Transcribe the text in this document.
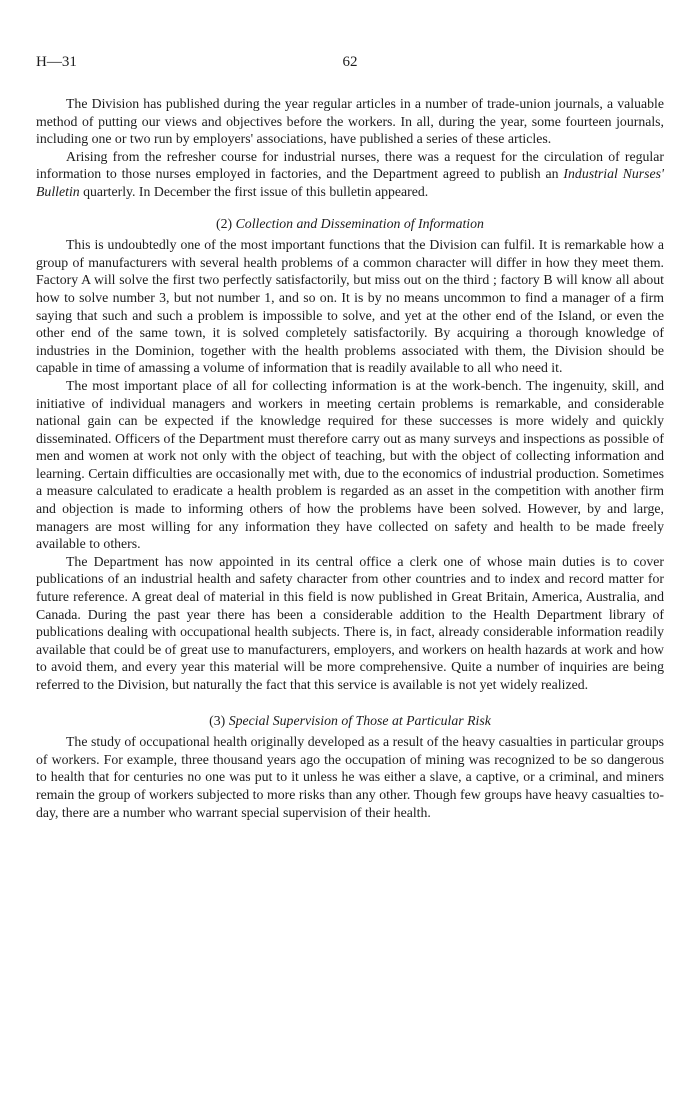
H—31	62

The Division has published during the year regular articles in a number of trade-union journals, a valuable method of putting our views and objectives before the workers. In all, during the year, some fourteen journals, including one or two run by employers' associations, have published a series of these articles.

Arising from the refresher course for industrial nurses, there was a request for the circulation of regular information to those nurses employed in factories, and the Department agreed to publish an Industrial Nurses' Bulletin quarterly. In December the first issue of this bulletin appeared.

(2) Collection and Dissemination of Information

This is undoubtedly one of the most important functions that the Division can fulfil. It is remarkable how a group of manufacturers with several health problems of a common character will differ in how they meet them. Factory A will solve the first two perfectly satisfactorily, but miss out on the third ; factory B will know all about how to solve number 3, but not number 1, and so on. It is by no means uncommon to find a manager of a firm saying that such and such a problem is impossible to solve, and yet at the other end of the Island, or even the other end of the same town, it is solved completely satisfactorily. By acquiring a thorough knowledge of industries in the Dominion, together with the health problems associated with them, the Division should be capable in time of amassing a volume of information that is readily available to all who need it.

The most important place of all for collecting information is at the work-bench. The ingenuity, skill, and initiative of individual managers and workers in meeting certain problems is remarkable, and considerable national gain can be expected if the knowledge required for these successes is more widely and quickly disseminated. Officers of the Department must therefore carry out as many surveys and inspections as possible of men and women at work not only with the object of teaching, but with the object of collecting information and learning. Certain difficulties are occasionally met with, due to the economics of industrial production. Sometimes a measure calculated to eradicate a health problem is regarded as an asset in the competition with another firm and objection is made to informing others of how the problems have been solved. However, by and large, managers are most willing for any information they have collected on safety and health to be made freely available to others.

The Department has now appointed in its central office a clerk one of whose main duties is to cover publications of an industrial health and safety character from other countries and to index and record matter for future reference. A great deal of material in this field is now published in Great Britain, America, Australia, and Canada. During the past year there has been a considerable addition to the Health Department library of publications dealing with occupational health subjects. There is, in fact, already considerable information readily available that could be of great use to manufacturers, employers, and workers on health hazards at work and how to avoid them, and every year this material will be more comprehensive. Quite a number of inquiries are being referred to the Division, but naturally the fact that this service is available is not yet widely realized.

(3) Special Supervision of Those at Particular Risk

The study of occupational health originally developed as a result of the heavy casualties in particular groups of workers. For example, three thousand years ago the occupation of mining was recognized to be so dangerous to health that for centuries no one was put to it unless he was either a slave, a captive, or a criminal, and miners remain the group of workers subjected to more risks than any other. Though few groups have heavy casualties to-day, there are a number who warrant special supervision of their health.
